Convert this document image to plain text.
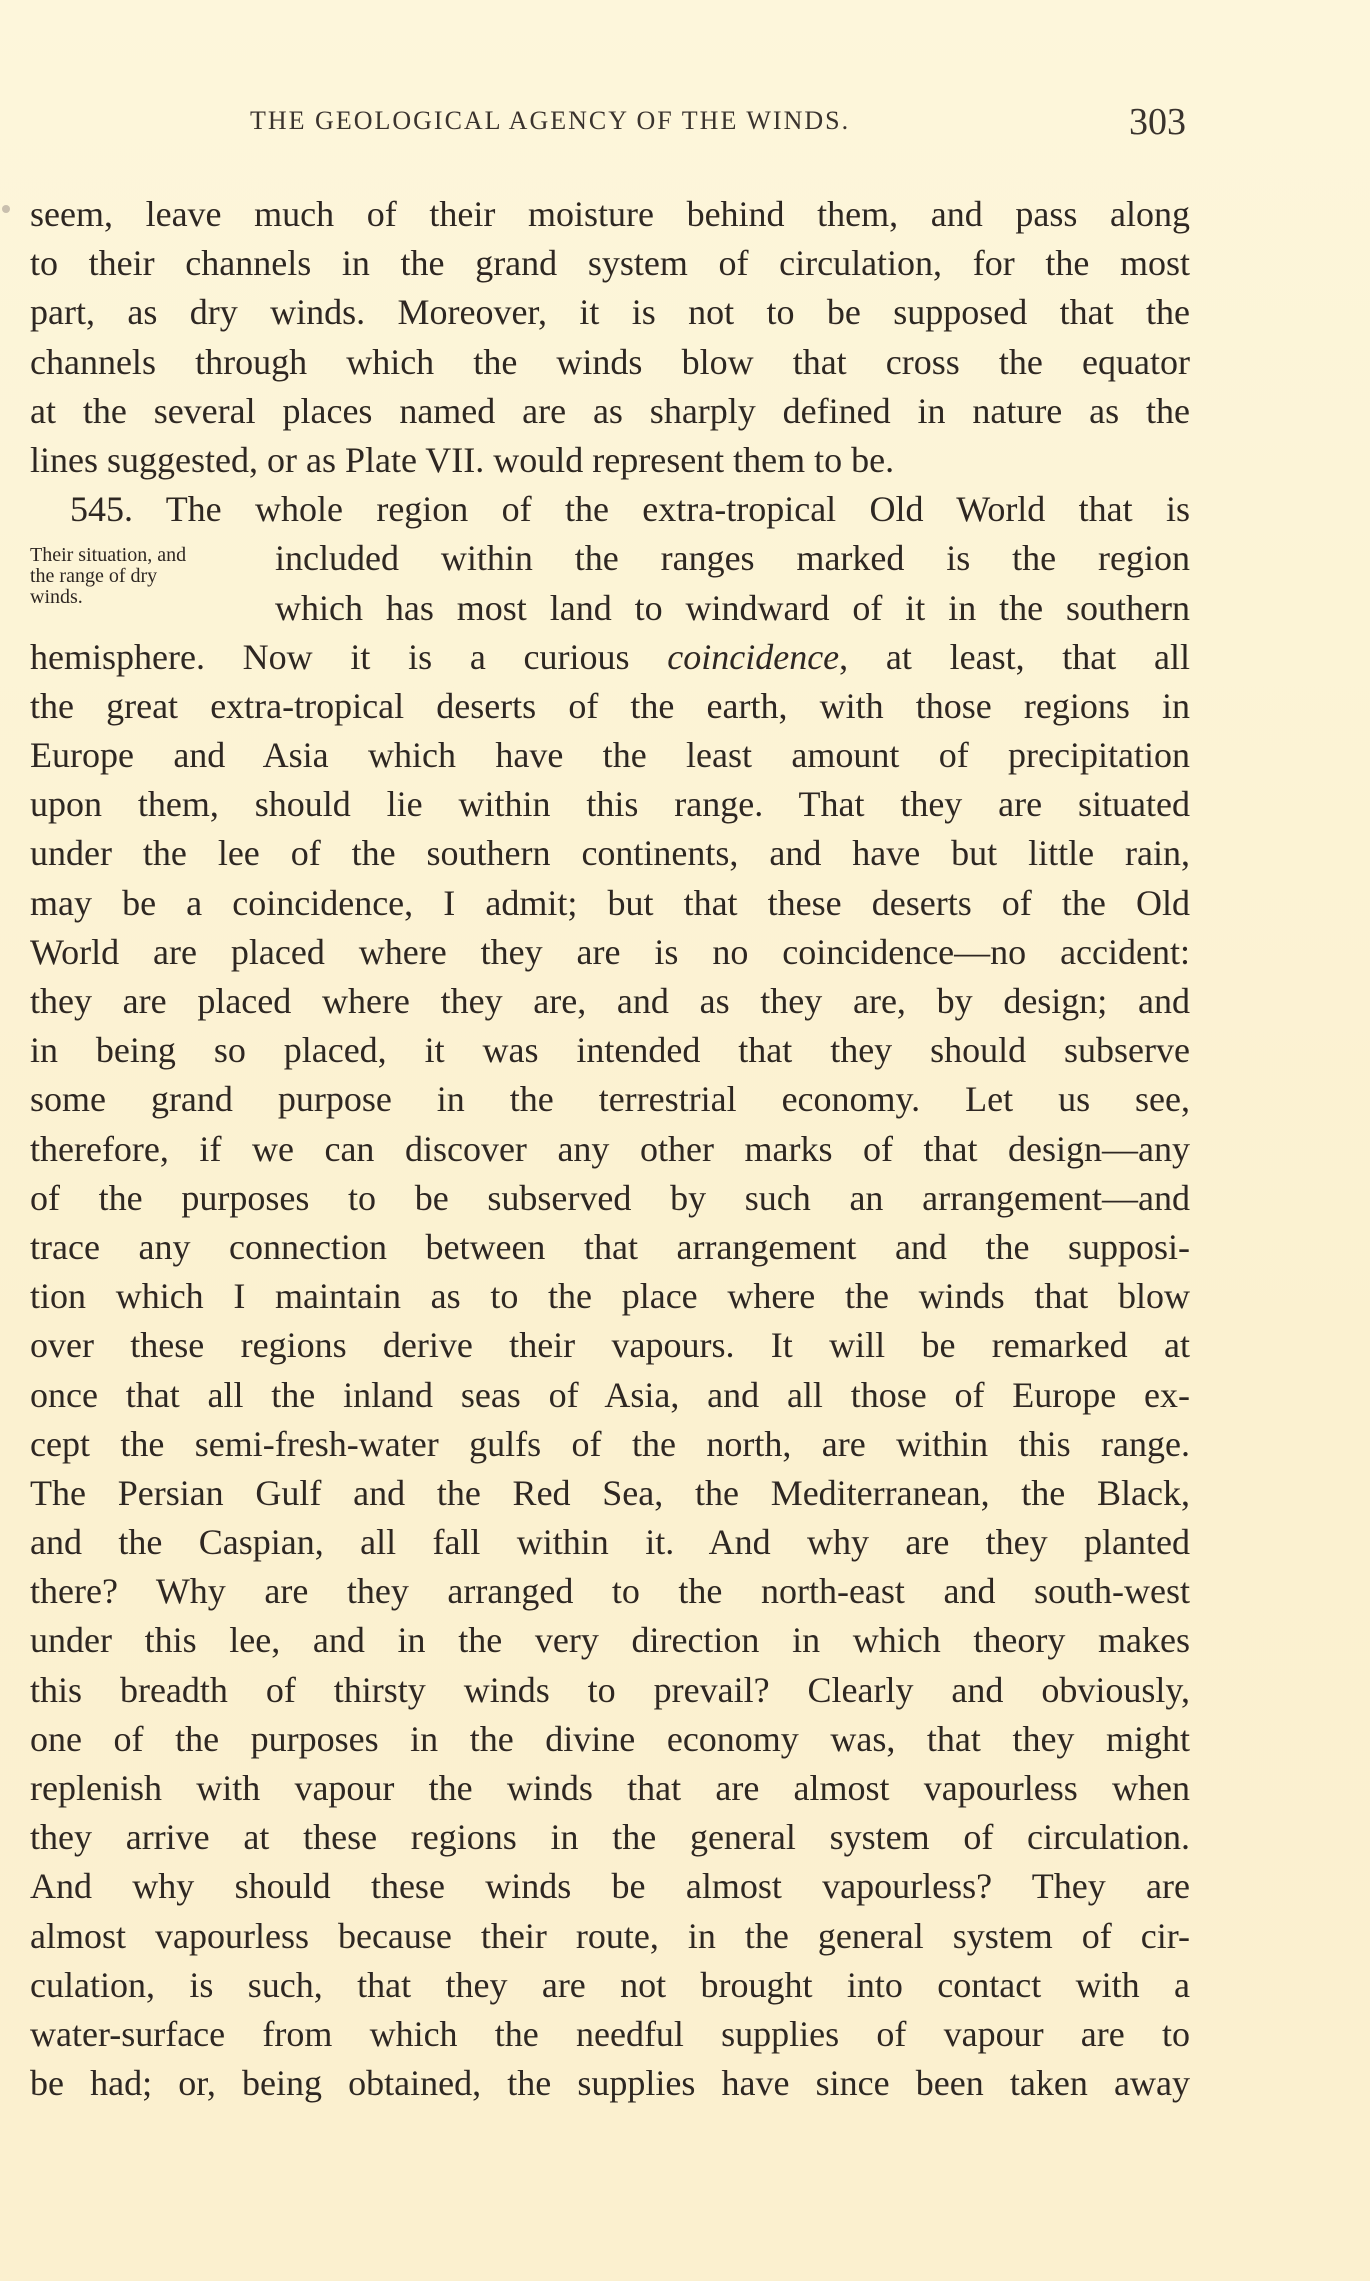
THE GEOLOGICAL AGENCY OF THE WINDS.	303
Their situation, and
the range of dry
winds.
seem, leave much of their moisture behind them, and pass along
to their channels in the grand system of circulation, for the most
part, as dry winds. Moreover, it is not to be supposed that the
channels through which the winds blow that cross the equator
at the several places named are as sharply defined in nature as the
lines suggested, or as Plate VII. would represent them to be.
545. The whole region of the extra-tropical Old World that is
included within the ranges marked is the region
which has most land to windward of it in the southern
hemisphere. Now it is a curious coincidence, at least, that all
the great extra-tropical deserts of the earth, with those regions in
Europe and Asia which have the least amount of precipitation
upon them, should lie within this range. That they are situated
under the lee of the southern continents, and have but little rain,
may be a coincidence, I admit; but that these deserts of the Old
World are placed where they are is no coincidence—no accident:
they are placed where they are, and as they are, by design; and
in being so placed, it was intended that they should subserve
some grand purpose in the terrestrial economy. Let us see,
therefore, if we can discover any other marks of that design—any
of the purposes to be subserved by such an arrangement—and
trace any connection between that arrangement and the supposi-
tion which I maintain as to the place where the winds that blow
over these regions derive their vapours. It will be remarked at
once that all the inland seas of Asia, and all those of Europe ex-
cept the semi-fresh-water gulfs of the north, are within this range.
The Persian Gulf and the Red Sea, the Mediterranean, the Black,
and the Caspian, all fall within it. And why are they planted
there? Why are they arranged to the north-east and south-west
under this lee, and in the very direction in which theory makes
this breadth of thirsty winds to prevail? Clearly and obviously,
one of the purposes in the divine economy was, that they might
replenish with vapour the winds that are almost vapourless when
they arrive at these regions in the general system of circulation.
And why should these winds be almost vapourless? They are
almost vapourless because their route, in the general system of cir-
culation, is such, that they are not brought into contact with a
water-surface from which the needful supplies of vapour are to
be had; or, being obtained, the supplies have since been taken away
